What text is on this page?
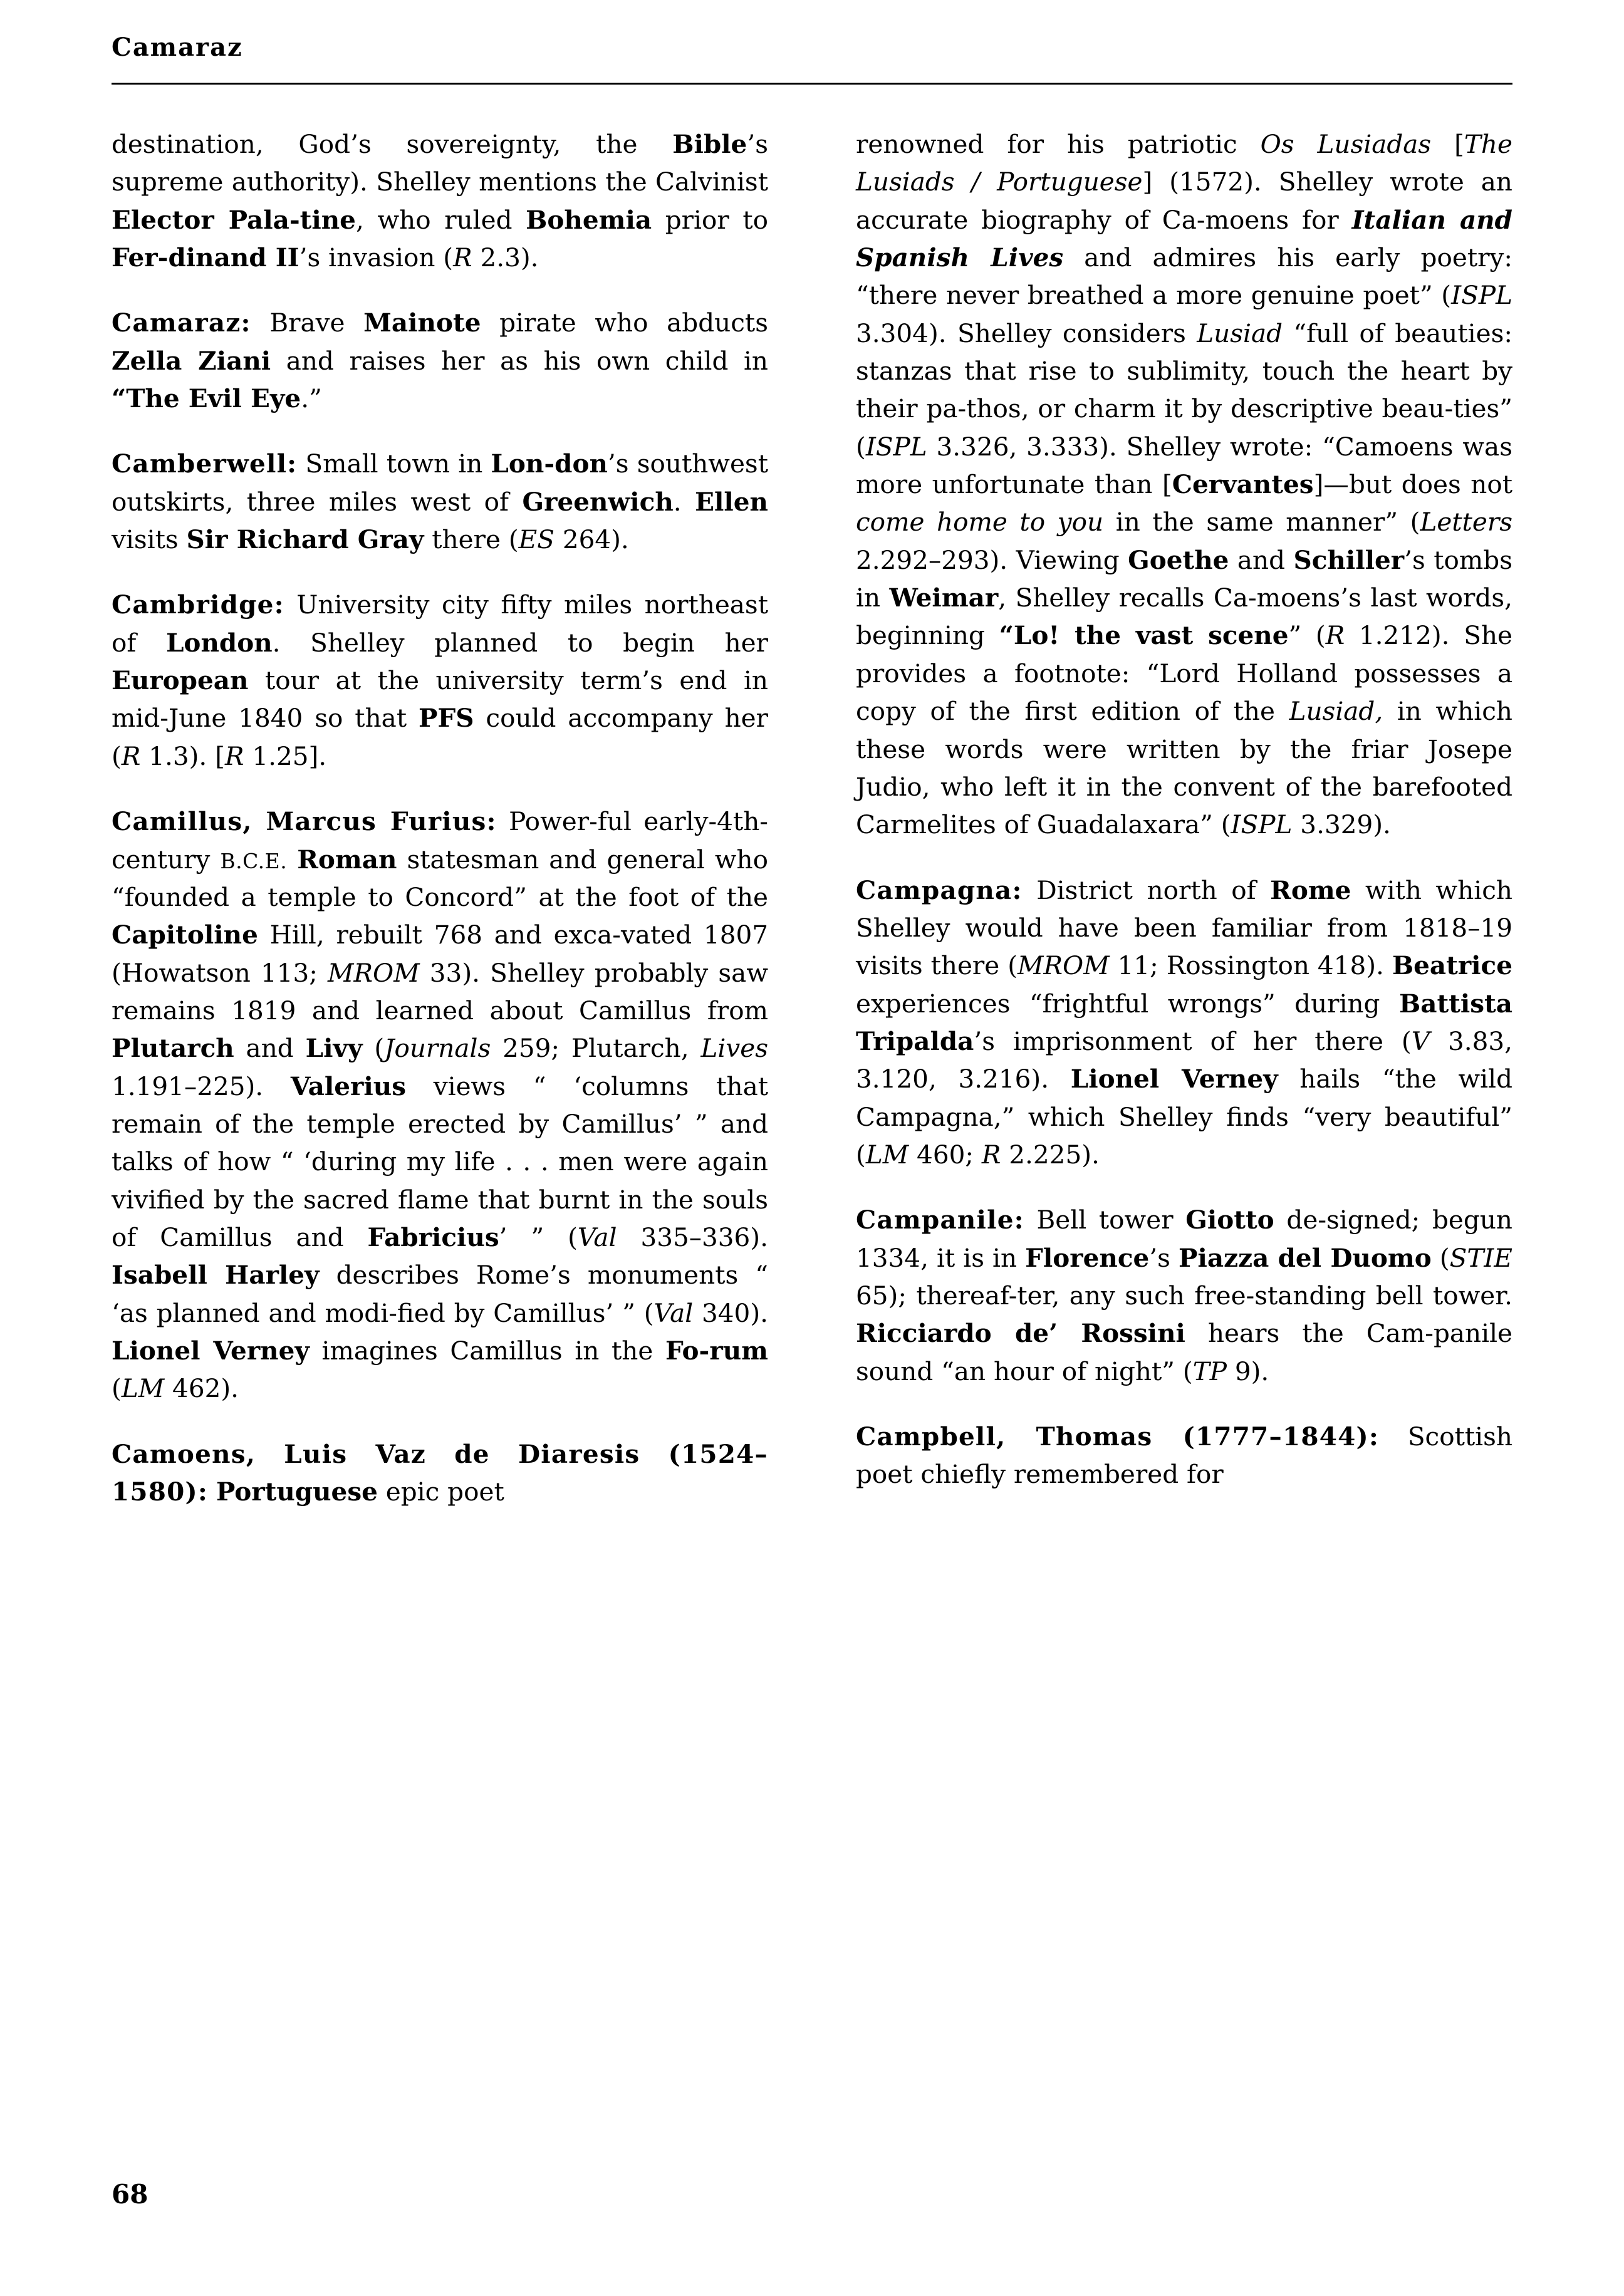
Camaraz

destination, God’s sovereignty, the Bible’s supreme authority). Shelley mentions the Calvinist Elector Pala-tine, who ruled Bohemia prior to Fer-dinand II’s invasion (R 2.3).

Camaraz: Brave Mainote pirate who abducts Zella Ziani and raises her as his own child in “The Evil Eye.”

Camberwell: Small town in Lon-don’s southwest outskirts, three miles west of Greenwich. Ellen visits Sir Richard Gray there (ES 264).

Cambridge: University city fifty miles northeast of London. Shelley planned to begin her European tour at the university term’s end in mid-June 1840 so that PFS could accompany her (R 1.3). [R 1.25].

Camillus, Marcus Furius: Power-ful early-4th-century B.C.E. Roman statesman and general who “founded a temple to Concord” at the foot of the Capitoline Hill, rebuilt 768 and exca-vated 1807 (Howatson 113; MROM 33). Shelley probably saw remains 1819 and learned about Camillus from Plutarch and Livy (Journals 259; Plutarch, Lives 1.191–225). Valerius views “ ‘columns that remain of the temple erected by Camillus’ ” and talks of how “ ‘during my life . . . men were again vivified by the sacred flame that burnt in the souls of Camillus and Fabricius’ ” (Val 335–336). Isabell Harley describes Rome’s monuments “ ‘as planned and modi-fied by Camillus’ ” (Val 340). Lionel Verney imagines Camillus in the Fo-rum (LM 462).

Camoens, Luis Vaz de Diaresis (1524–1580): Portuguese epic poet

renowned for his patriotic Os Lusiadas [The Lusiads / Portuguese] (1572). Shelley wrote an accurate biography of Ca-moens for Italian and Spanish Lives and admires his early poetry: “there never breathed a more genuine poet” (ISPL 3.304). Shelley considers Lusiad “full of beauties: stanzas that rise to sublimity, touch the heart by their pa-thos, or charm it by descriptive beau-ties” (ISPL 3.326, 3.333). Shelley wrote: “Camoens was more unfortunate than [Cervantes]—but does not come home to you in the same manner” (Letters 2.292–293). Viewing Goethe and Schiller’s tombs in Weimar, Shelley recalls Ca-moens’s last words, beginning “Lo! the vast scene” (R 1.212). She provides a footnote: “Lord Holland possesses a copy of the first edition of the Lusiad, in which these words were written by the friar Josepe Judio, who left it in the convent of the barefooted Carmelites of Guadalaxara” (ISPL 3.329).

Campagna: District north of Rome with which Shelley would have been familiar from 1818–19 visits there (MROM 11; Rossington 418). Beatrice experiences “frightful wrongs” during Battista Tripalda’s imprisonment of her there (V 3.83, 3.120, 3.216). Lionel Verney hails “the wild Campagna,” which Shelley finds “very beautiful” (LM 460; R 2.225).

Campanile: Bell tower Giotto de-signed; begun 1334, it is in Florence’s Piazza del Duomo (STIE 65); thereaf-ter, any such free-standing bell tower. Ricciardo de’ Rossini hears the Cam-panile sound “an hour of night” (TP 9).

Campbell, Thomas (1777–1844): Scottish poet chiefly remembered for

68
